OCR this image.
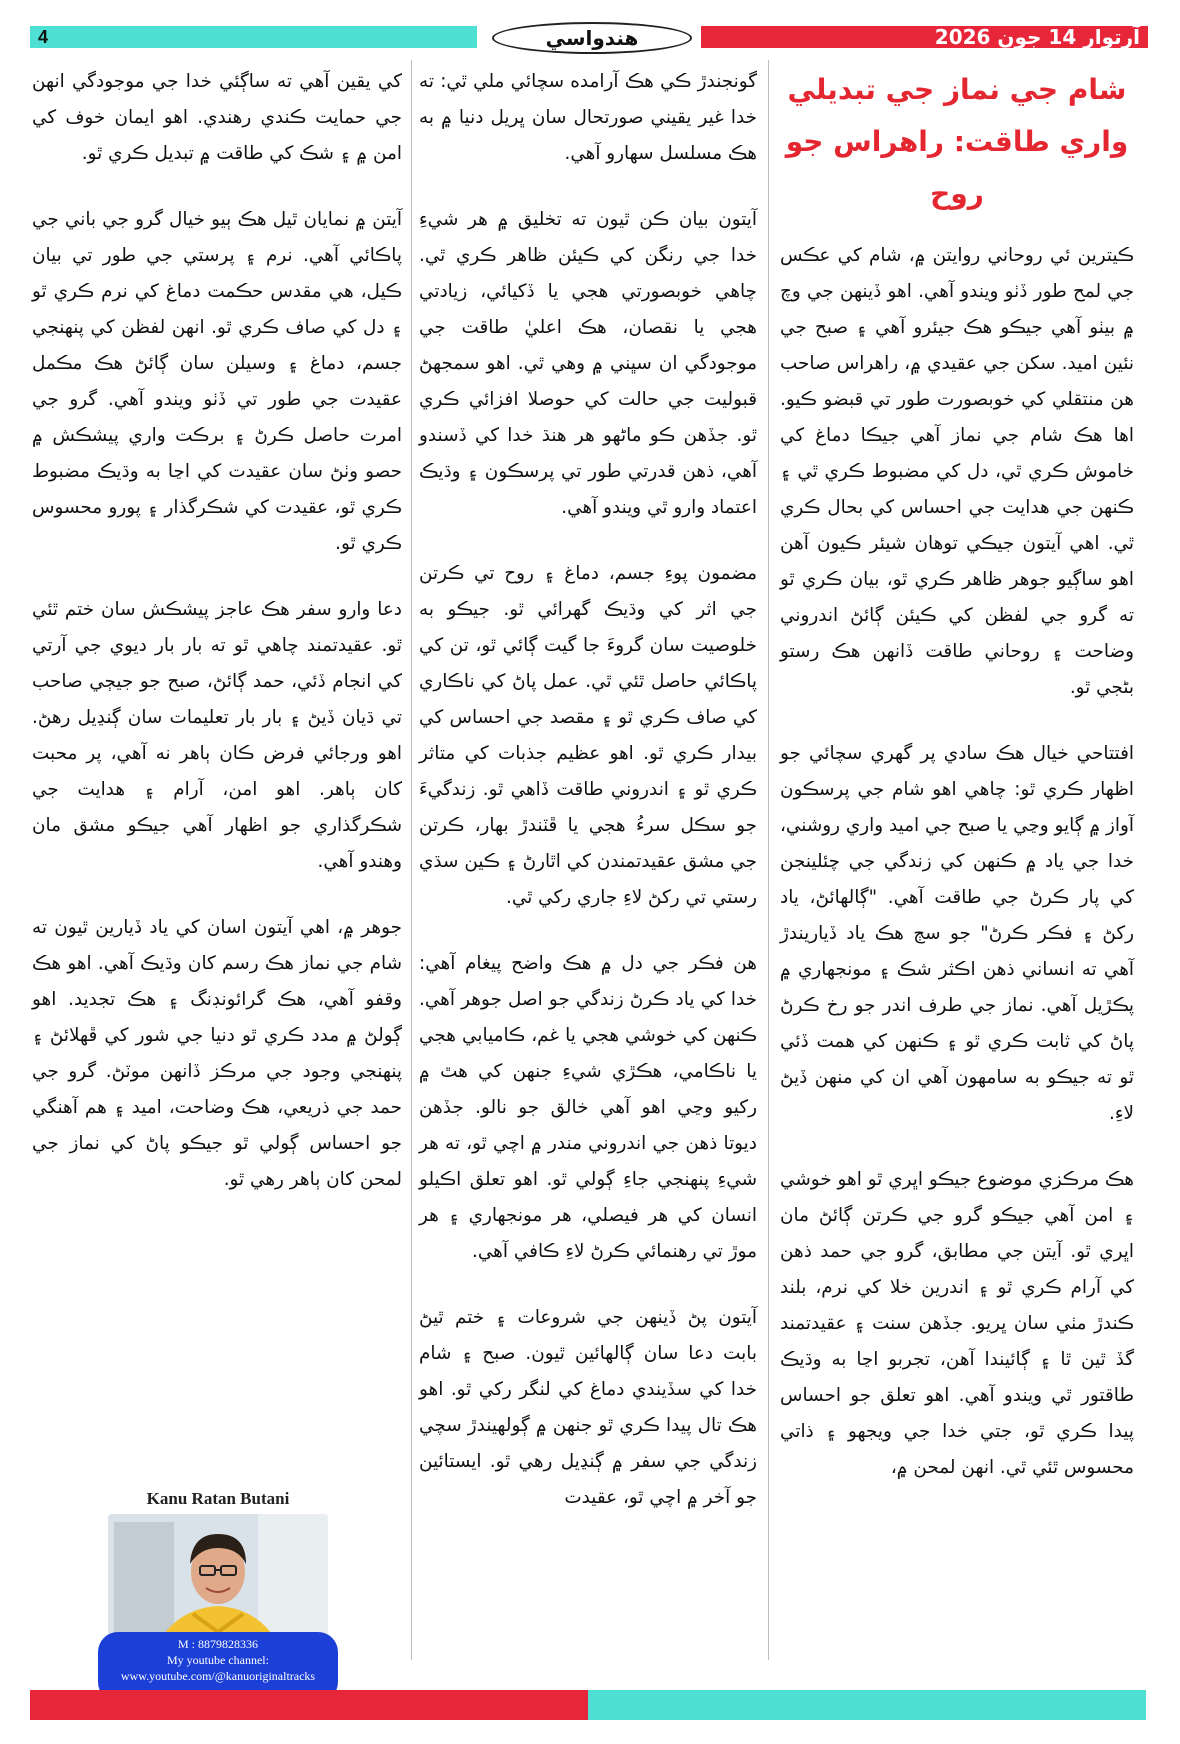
4	هندواسي	آرتوار 14 جون 2026
شام جي نماز جي تبديلي واري طاقت: راهراس جو روح

ڪيترين ئي روحاني روايتن ۾، شام کي عڪس جي لمح طور ڏٺو ويندو آهي. اهو ڏينهن جي وچ ۾ بيٺو آهي جيڪو هڪ جيئرو آهي ۽ صبح جي نئين اميد. سکن جي عقيدي ۾، راهراس صاحب هن منتقلي کي خوبصورت طور تي قبضو ڪيو. اها هڪ شام جي نماز آهي جيڪا دماغ کي خاموش ڪري ٿي، دل کي مضبوط ڪري ٿي ۽ ڪنهن جي هدايت جي احساس کي بحال ڪري ٿي. اهي آيتون جيڪي توهان شيئر ڪيون آهن اهو ساڳيو جوهر ظاهر ڪري ٿو، بيان ڪري ٿو ته گرو جي لفظن کي ڪيئن ڳائڻ اندروني وضاحت ۽ روحاني طاقت ڏانهن هڪ رستو بڻجي ٿو.

افتتاحي خيال هڪ سادي پر گهري سچائي جو اظهار ڪري ٿو: چاهي اهو شام جي پرسڪون آواز ۾ ڳايو وڃي يا صبح جي اميد واري روشني، خدا جي ياد ۾ ڪنهن کي زندگي جي چئلينجن کي پار ڪرڻ جي طاقت آهي. "ڳالهائڻ، ياد رکڻ ۽ فڪر ڪرڻ" جو سڄ هڪ ياد ڏياريندڙ آهي ته انساني ذهن اڪثر شڪ ۽ مونجهاري ۾ پڪڙيل آهي. نماز جي طرف اندر جو رخ ڪرڻ پاڻ کي ثابت ڪري ٿو ۽ ڪنهن کي همت ڏئي ٿو ته جيڪو به سامهون آهي ان کي منهن ڏيڻ لاءِ.

هڪ مرڪزي موضوع جيڪو اڀري ٿو اهو خوشي ۽ امن آهي جيڪو گرو جي ڪرتن ڳائڻ مان اڀري ٿو. آيتن جي مطابق، گرو جي حمد ذهن کي آرام ڪري ٿو ۽ اندرين خلا کي نرم، بلند ڪندڙ مٺي سان ڀريو. جڏهن سنت ۽ عقيدتمند گڏ ٿين ٿا ۽ ڳائيندا آهن، تجربو اڃا به وڌيڪ طاقتور ٿي ويندو آهي. اهو تعلق جو احساس پيدا ڪري ٿو، جتي خدا جي ويجهو ۽ ذاتي محسوس ٿئي ٿي. انهن لمحن ۾،

گونجندڙ ڪي هڪ آرامده سچائي ملي ٿي: ته خدا غير يقيني صورتحال سان ڀريل دنيا ۾ به هڪ مسلسل سهارو آهي.

آيتون بيان ڪن ٿيون ته تخليق ۾ هر شيءِ خدا جي رنگن کي ڪيئن ظاهر ڪري ٿي. چاهي خوبصورتي هجي يا ڏکيائي، زيادتي هجي يا نقصان، هڪ اعليٰ طاقت جي موجودگي ان سڀني ۾ وهي ٿي. اهو سمجهڻ قبوليت جي حالت کي حوصلا افزائي ڪري ٿو. جڏهن ڪو ماڻهو هر هنڌ خدا کي ڏسندو آهي، ذهن قدرتي طور تي پرسڪون ۽ وڌيڪ اعتماد وارو ٿي ويندو آهي.

مضمون پوءِ جسم، دماغ ۽ روح تي ڪرتن جي اثر کي وڌيڪ گهرائي ٿو. جيڪو به خلوصيت سان گروءَ جا گيت ڳائي ٿو، تن کي پاڪائي حاصل ٿئي ٿي. عمل پاڻ کي ناڪاري کي صاف ڪري ٿو ۽ مقصد جي احساس کي بيدار ڪري ٿو. اهو عظيم جذبات کي متاثر ڪري ٿو ۽ اندروني طاقت ڏاهي ٿو. زندگيءَ جو سڪل سرءُ هجي يا ڦٽندڙ بهار، ڪرتن جي مشق عقيدتمندن کي اٿارڻ ۽ ڪين سڌي رستي تي رکڻ لاءِ جاري رکي ٿي.

هن فڪر جي دل ۾ هڪ واضح پيغام آهي: خدا کي ياد ڪرڻ زندگي جو اصل جوهر آهي. ڪنهن کي خوشي هجي يا غم، ڪاميابي هجي يا ناڪامي، هڪڙي شيءِ جنهن کي هٿ ۾ رکيو وڃي اهو آهي خالق جو نالو. جڏهن ديوتا ذهن جي اندروني مندر ۾ اچي ٿو، ته هر شيءِ پنهنجي جاءِ ڳولي ٿو. اهو تعلق اڪيلو انسان کي هر فيصلي، هر مونجهاري ۽ هر موڙ تي رهنمائي ڪرڻ لاءِ ڪافي آهي.

آيتون پڻ ڏينهن جي شروعات ۽ ختم ٿيڻ بابت دعا سان ڳالهائين ٿيون. صبح ۽ شام خدا کي سڏيندي دماغ کي لنگر رکي ٿو. اهو هڪ تال پيدا ڪري ٿو جنهن ۾ ڳولهيندڙ سچي زندگي جي سفر ۾ ڳنڍيل رهي ٿو. ايستائين جو آخر ۾ اچي ٿو، عقيدت

کي يقين آهي ته ساڳئي خدا جي موجودگي انهن جي حمايت ڪندي رهندي. اهو ايمان خوف کي امن ۾ ۽ شڪ کي طاقت ۾ تبديل ڪري ٿو.

آيتن ۾ نمايان ٿيل هڪ ٻيو خيال گرو جي باني جي پاڪائي آهي. نرم ۽ پرستي جي طور تي بيان ڪيل، هي مقدس حڪمت دماغ کي نرم ڪري ٿو ۽ دل کي صاف ڪري ٿو. انهن لفظن کي پنهنجي جسم، دماغ ۽ وسيلن سان ڳائڻ هڪ مڪمل عقيدت جي طور تي ڏٺو ويندو آهي. گرو جي امرت حاصل ڪرڻ ۽ برڪت واري پيشڪش ۾ حصو وٺڻ سان عقيدت کي اڃا به وڌيڪ مضبوط ڪري ٿو، عقيدت کي شڪرگذار ۽ پورو محسوس ڪري ٿو.

دعا وارو سفر هڪ عاجز پيشڪش سان ختم ٿئي ٿو. عقيدتمند چاهي ٿو ته بار بار ديوي جي آرتي کي انجام ڏئي، حمد ڳائڻ، صبح جو جيڄي صاحب تي ڌيان ڏيڻ ۽ بار بار تعليمات سان ڳنڍيل رهڻ. اهو ورجائي فرض ڪان ٻاهر نه آهي، پر محبت کان ٻاهر. اهو امن، آرام ۽ هدايت جي شڪرگذاري جو اظهار آهي جيڪو مشق مان وهندو آهي.

جوهر ۾، اهي آيتون اسان کي ياد ڏيارين ٿيون ته شام جي نماز هڪ رسم کان وڌيڪ آهي. اهو هڪ وقفو آهي، هڪ گرائونڊنگ ۽ هڪ تجديد. اهو ڳولڻ ۾ مدد ڪري ٿو دنيا جي شور کي ڦهلائڻ ۽ پنهنجي وجود جي مرڪز ڏانهن موٽڻ. گرو جي حمد جي ذريعي، هڪ وضاحت، اميد ۽ هم آهنگي جو احساس ڳولي ٿو جيڪو پاڻ کي نماز جي لمحن کان ٻاهر رهي ٿو.

Kanu Ratan Butani
M : 8879828336
My youtube channel:
www.youtube.com/@kanuoriginaltracks
